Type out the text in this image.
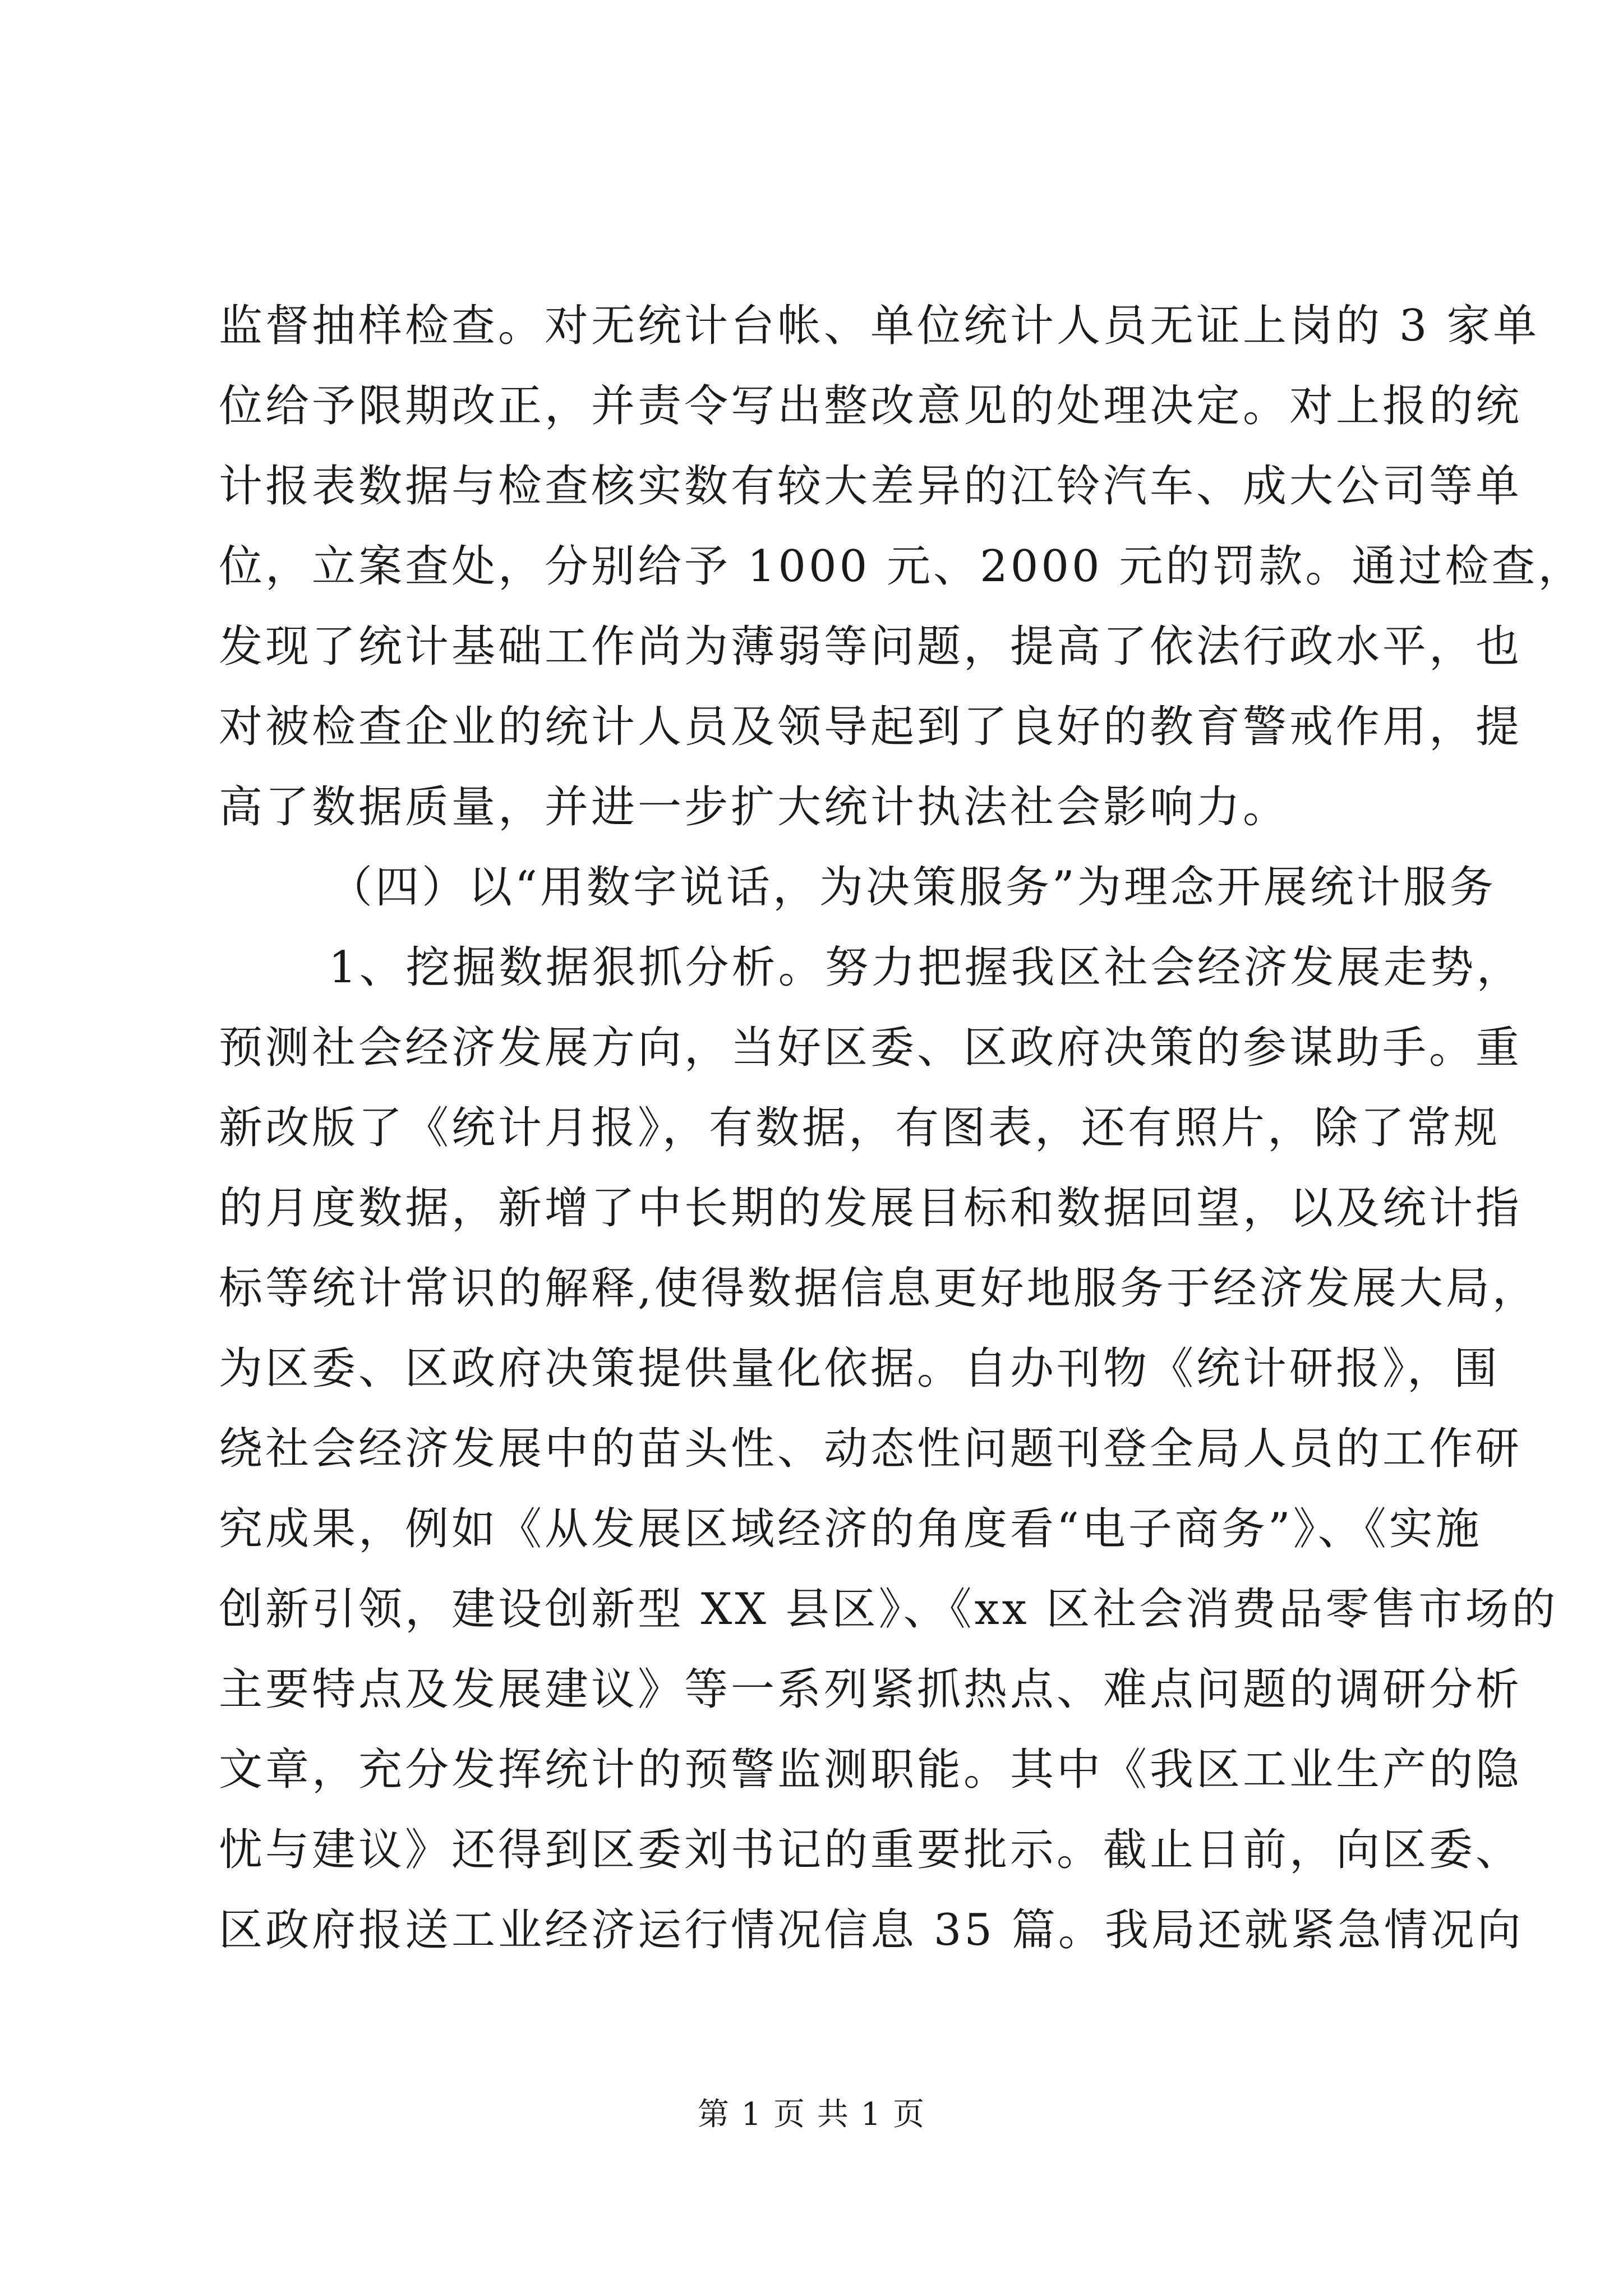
监督抽样检查。对无统计台帐、单位统计人员无证上岗的 3 家单
位给予限期改正，并责令写出整改意见的处理决定。对上报的统
计报表数据与检查核实数有较大差异的江铃汽车、成大公司等单
位，立案查处，分别给予 1000 元、2000 元的罚款。通过检查，
发现了统计基础工作尚为薄弱等问题，提高了依法行政水平，也
对被检查企业的统计人员及领导起到了良好的教育警戒作用，提
高了数据质量，并进一步扩大统计执法社会影响力。
（四）以“用数字说话，为决策服务”为理念开展统计服务
1、挖掘数据狠抓分析。努力把握我区社会经济发展走势，
预测社会经济发展方向，当好区委、区政府决策的参谋助手。重
新改版了《统计月报》，有数据，有图表，还有照片，除了常规
的月度数据，新增了中长期的发展目标和数据回望，以及统计指
标等统计常识的解释,使得数据信息更好地服务于经济发展大局，
为区委、区政府决策提供量化依据。自办刊物《统计研报》，围
绕社会经济发展中的苗头性、动态性问题刊登全局人员的工作研
究成果，例如《从发展区域经济的角度看“电子商务”》、《实施
创新引领，建设创新型 XX 县区》、《xx 区社会消费品零售市场的
主要特点及发展建议》等一系列紧抓热点、难点问题的调研分析
文章，充分发挥统计的预警监测职能。其中《我区工业生产的隐
忧与建议》还得到区委刘书记的重要批示。截止日前，向区委、
区政府报送工业经济运行情况信息 35 篇。我局还就紧急情况向
第 1 页 共 1 页
